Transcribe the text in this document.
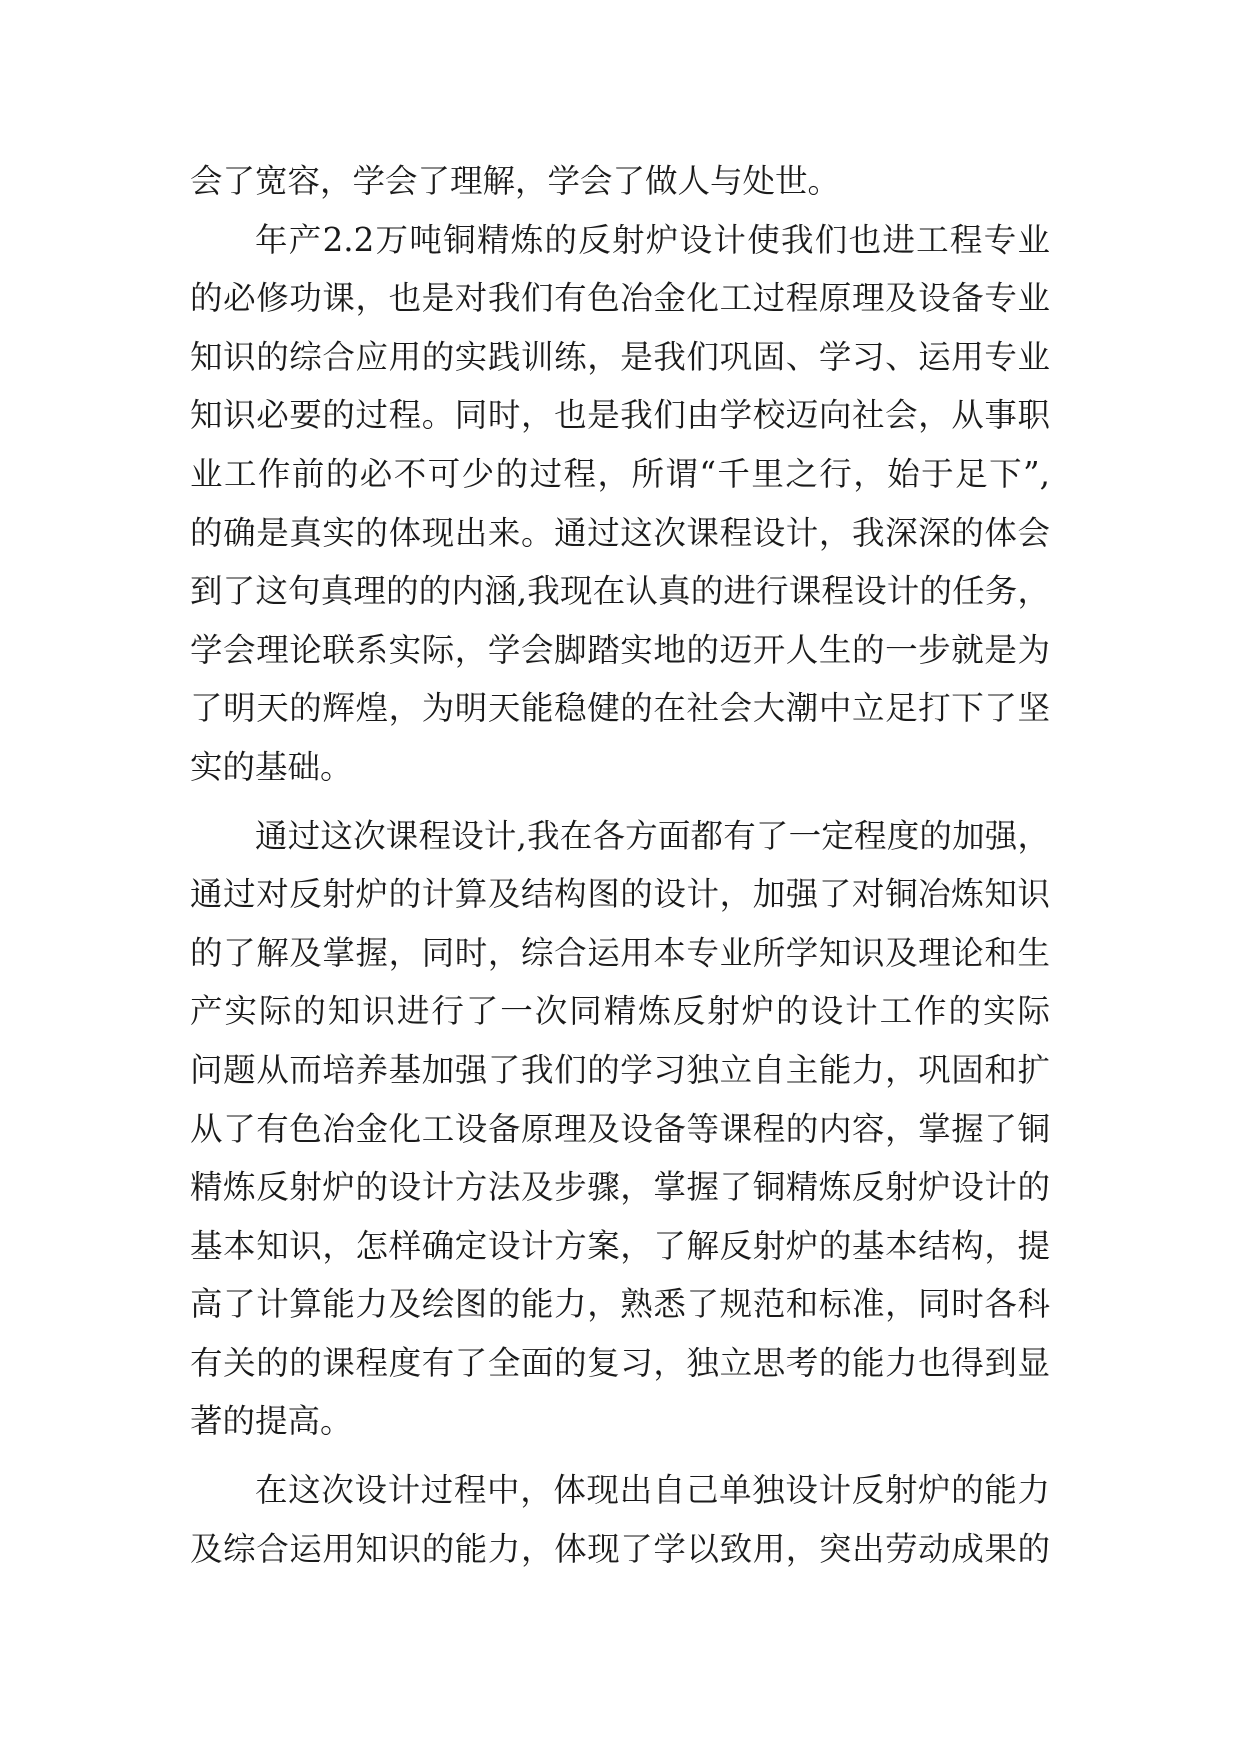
会了宽容，学会了理解，学会了做人与处世。
年产2.2万吨铜精炼的反射炉设计使我们也进工程专业
的必修功课，也是对我们有色冶金化工过程原理及设备专业
知识的综合应用的实践训练，是我们巩固、学习、运用专业
知识必要的过程。同时，也是我们由学校迈向社会，从事职
业工作前的必不可少的过程，所谓“千里之行，始于足下”,
的确是真实的体现出来。通过这次课程设计，我深深的体会
到了这句真理的的内涵,我现在认真的进行课程设计的任务，
学会理论联系实际，学会脚踏实地的迈开人生的一步就是为
了明天的辉煌，为明天能稳健的在社会大潮中立足打下了坚
实的基础。
通过这次课程设计,我在各方面都有了一定程度的加强，
通过对反射炉的计算及结构图的设计，加强了对铜冶炼知识
的了解及掌握，同时，综合运用本专业所学知识及理论和生
产实际的知识进行了一次同精炼反射炉的设计工作的实际
问题从而培养基加强了我们的学习独立自主能力，巩固和扩
从了有色冶金化工设备原理及设备等课程的内容，掌握了铜
精炼反射炉的设计方法及步骤，掌握了铜精炼反射炉设计的
基本知识，怎样确定设计方案，了解反射炉的基本结构，提
高了计算能力及绘图的能力，熟悉了规范和标准，同时各科
有关的的课程度有了全面的复习，独立思考的能力也得到显
著的提高。
在这次设计过程中，体现出自己单独设计反射炉的能力
及综合运用知识的能力，体现了学以致用，突出劳动成果的
